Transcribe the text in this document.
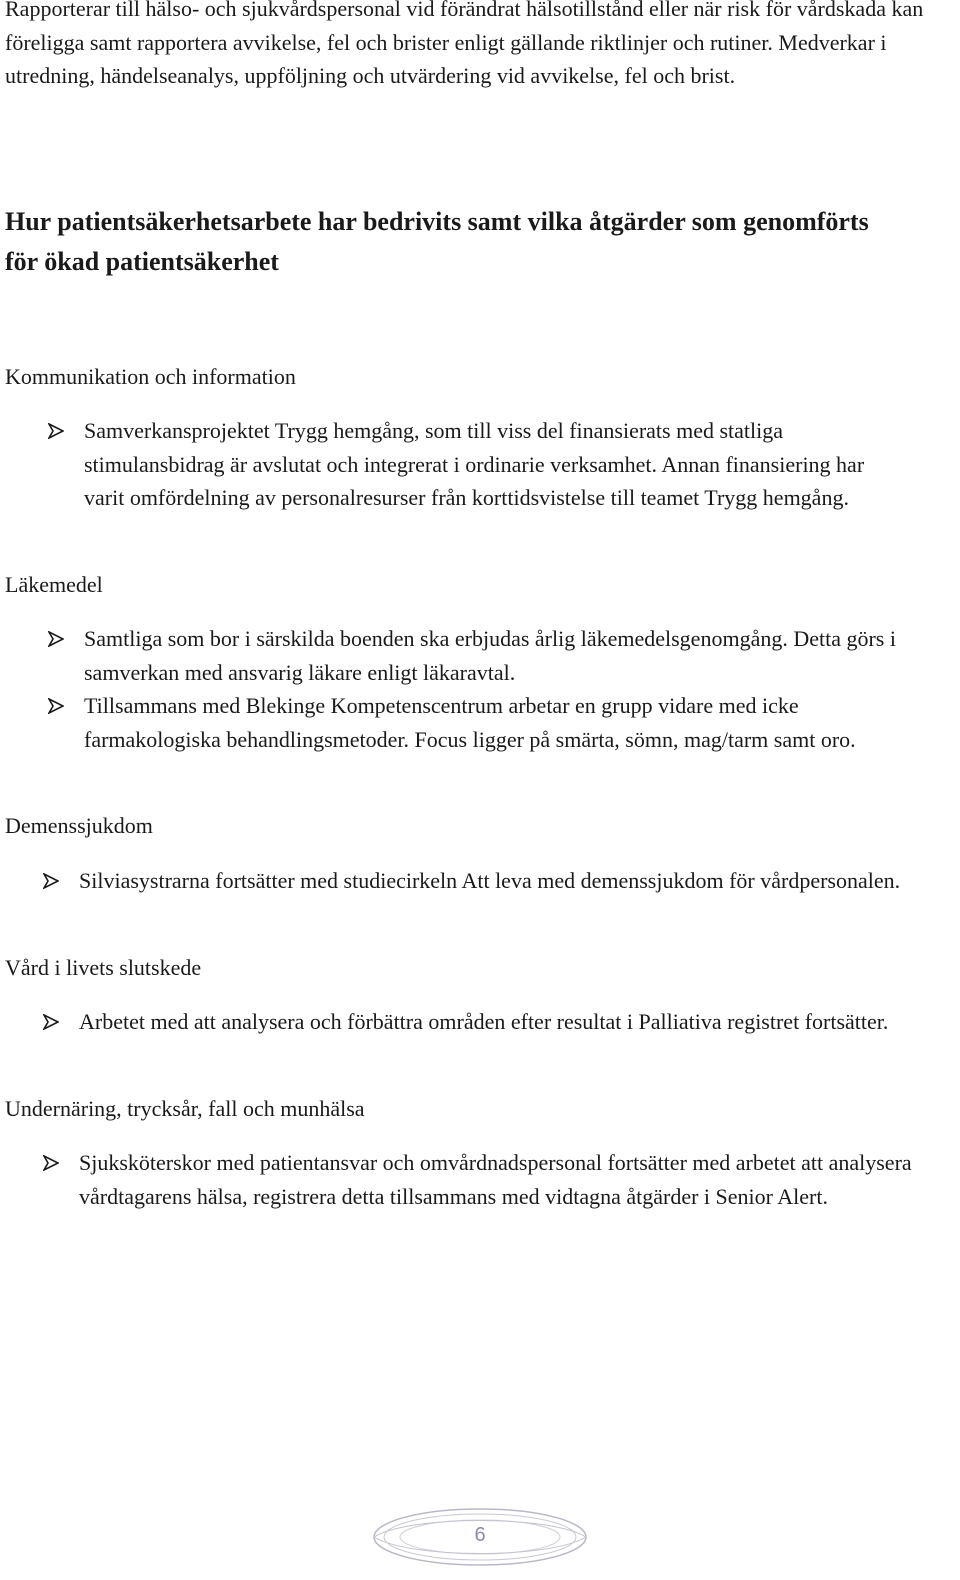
Rapporterar till hälso- och sjukvårdspersonal vid förändrat hälsotillstånd eller när risk för vårdskada kan föreligga samt rapportera avvikelse, fel och brister enligt gällande riktlinjer och rutiner. Medverkar i utredning, händelseanalys, uppföljning och utvärdering vid avvikelse, fel och brist.

Hur patientsäkerhetsarbete har bedrivits samt vilka åtgärder som genomförts för ökad patientsäkerhet

Kommunikation och information

Samverkansprojektet Trygg hemgång, som till viss del finansierats med statliga stimulansbidrag är avslutat och integrerat i ordinarie verksamhet. Annan finansiering har varit omfördelning av personalresurser från korttidsvistelse till teamet Trygg hemgång.

Läkemedel

Samtliga som bor i särskilda boenden ska erbjudas årlig läkemedelsgenomgång. Detta görs i samverkan med ansvarig läkare enligt läkaravtal.
Tillsammans med Blekinge Kompetenscentrum arbetar en grupp vidare med icke farmakologiska behandlingsmetoder. Focus ligger på smärta, sömn, mag/tarm samt oro.

Demenssjukdom

Silviasystrarna fortsätter med studiecirkeln Att leva med demenssjukdom för vårdpersonalen.

Vård i livets slutskede

Arbetet med att analysera och förbättra områden efter resultat i Palliativa registret fortsätter.

Undernäring, trycksår, fall och munhälsa

Sjuksköterskor med patientansvar och omvårdnadspersonal fortsätter med arbetet att analysera vårdtagarens hälsa, registrera detta tillsammans med vidtagna åtgärder i Senior Alert.
6
